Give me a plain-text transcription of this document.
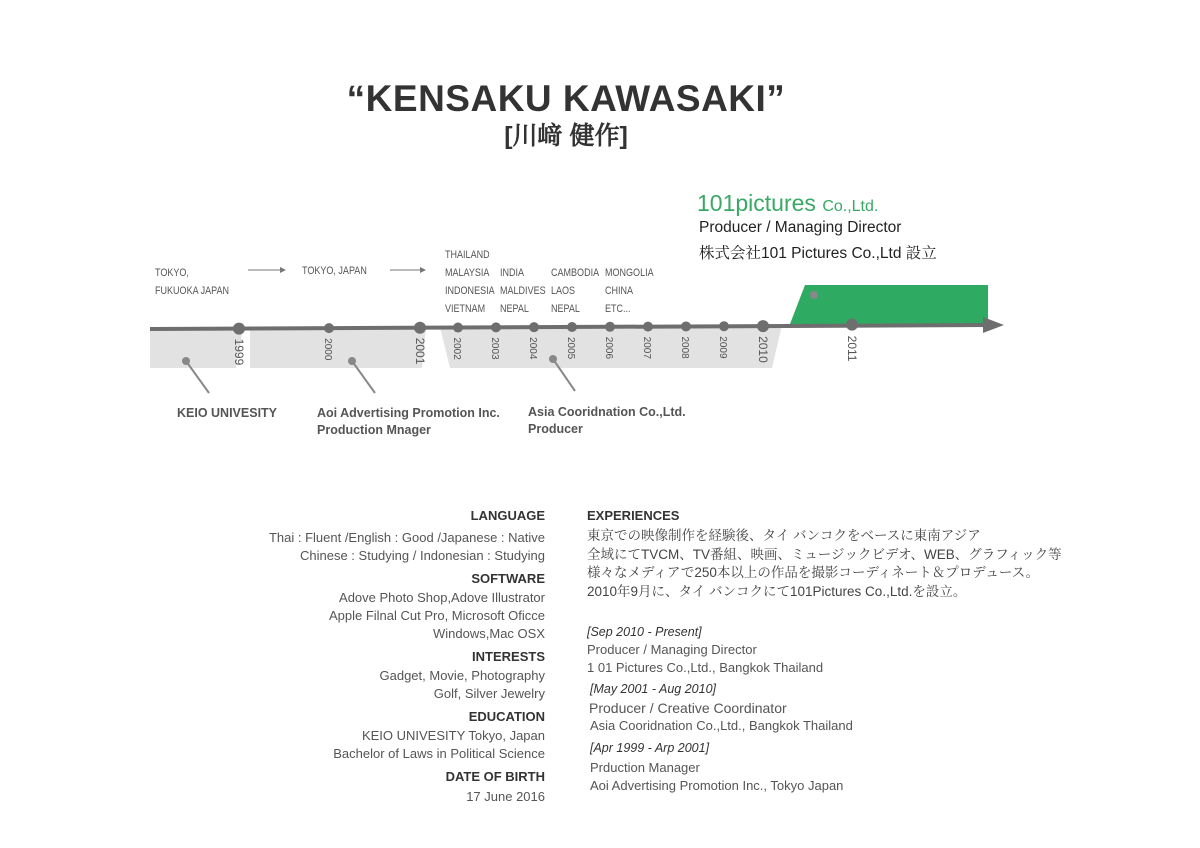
“KENSAKU KAWASAKI”
[川﨑 健作]
101pictures Co.,Ltd.
Producer / Managing Director
株式会社101 Pictures Co.,Ltd 設立
1999	2000	2001 2002	2003	2004	2005	2006	2007	2008	2009 2010	2011
TOKYO,
FUKUOKA JAPAN
TOKYO, JAPAN
THAILAND
MALAYSIA
INDONESIA
VIETNAM
INDIA
MALDIVES
NEPAL
CAMBODIA
LAOS
NEPAL
MONGOLIA
CHINA
ETC...
KEIO UNIVESITY	Aoi Advertising Promotion Inc.
Production Mnager
Asia Cooridnation Co.,Ltd.
Producer
LANGUAGE
Thai : Fluent /English : Good /Japanese : Native
Chinese : Studying / Indonesian : Studying
SOFTWARE
Adove Photo Shop,Adove Illustrator
Apple Filnal Cut Pro, Microsoft Oficce
Windows,Mac OSX
INTERESTS
Gadget, Movie, Photography
Golf, Silver Jewelry
EDUCATION
KEIO UNIVESITY Tokyo, Japan
Bachelor of Laws in Political Science
DATE OF BIRTH
17 June 2016
EXPERIENCES
東京での映像制作を経験後、タイ バンコクをベースに東南アジア
全域にてTVCM、TV番組、映画、ミュージックビデオ、WEB、グラフィック等
様々なメディアで250本以上の作品を撮影コーディネート＆プロデュース。
2010年9月に、タイ バンコクにて101Pictures Co.,Ltd.を設立。
[Sep 2010 - Present]
Producer / Managing Director
1 01 Pictures Co.,Ltd., Bangkok Thailand
[May 2001 - Aug 2010]
Producer / Creative Coordinator
Asia Cooridnation Co.,Ltd., Bangkok Thailand
[Apr 1999 - Arp 2001]
Prduction Manager
Aoi Advertising Promotion Inc., Tokyo Japan
